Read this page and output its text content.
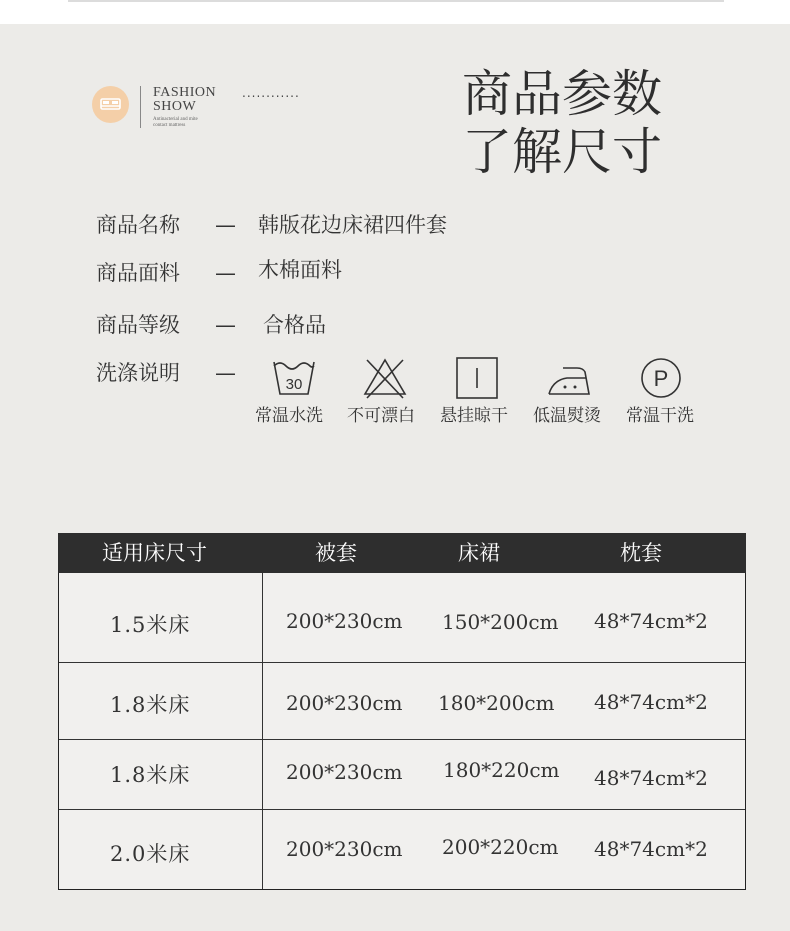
FASHION
SHOW
Antinacterial and mite
contact mattress
............	商品参数
了解尺寸
商品名称 — 韩版花边床裙四件套
商品面料 — 木棉面料
商品等级 — 合格品
洗涤说明 —	30	P
常温水洗 不可漂白 悬挂晾干 低温熨烫 常温干洗
适用床尺寸	被套	床裙	枕套
1.5米床	200*230cm 150*200cm 48*74cm*2
1.8米床	200*230cm 180*200cm 48*74cm*2
1.8米床	200*230cm 180*220cm 48*74cm*2
2.0米床	200*230cm 200*220cm 48*74cm*2
